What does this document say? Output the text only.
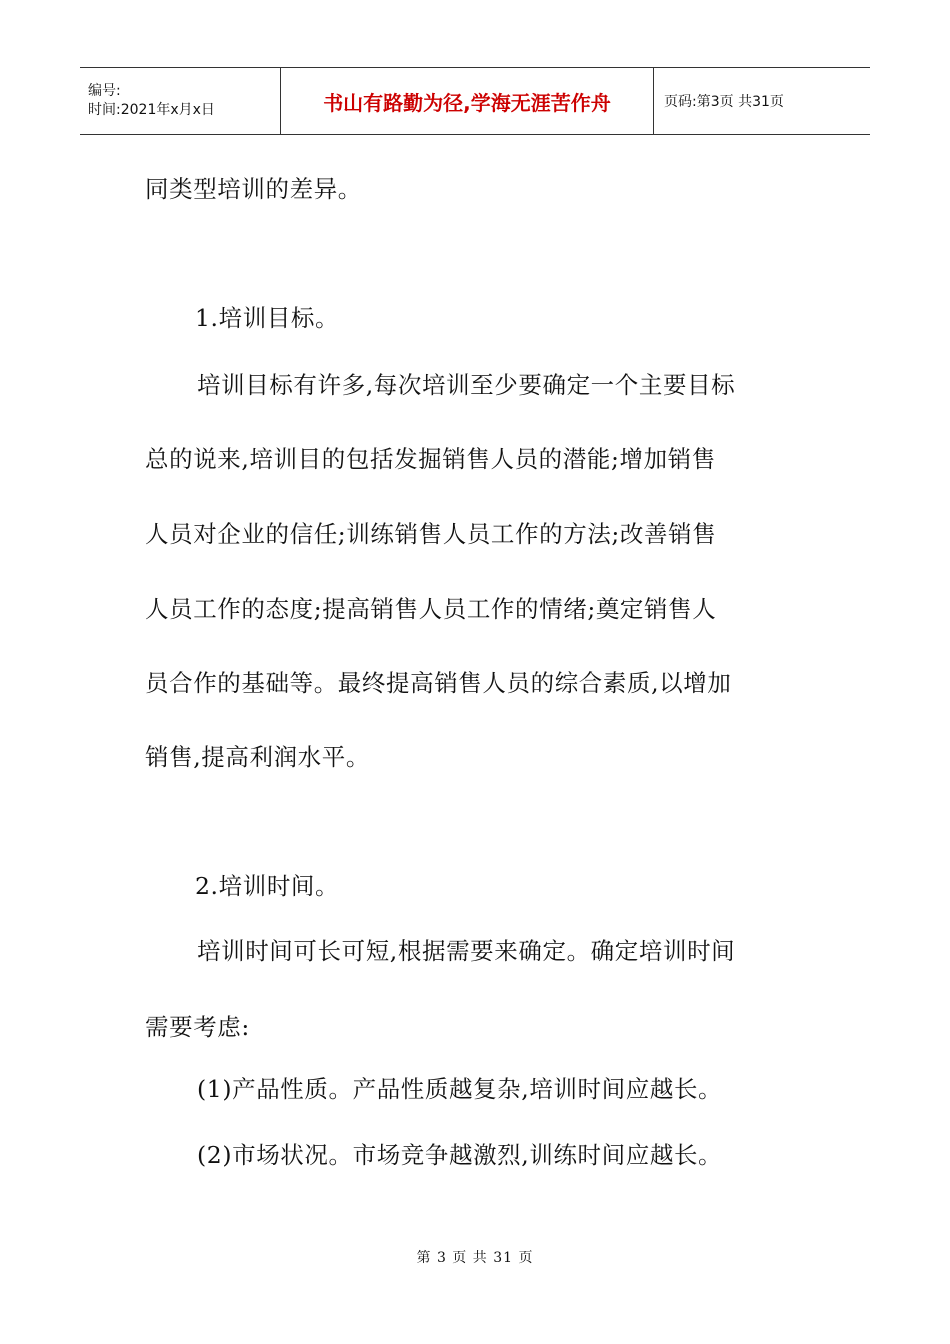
编号:
时间:2021年x月x日	书山有路勤为径,学海无涯苦作舟	页码:第3页 共31页
同类型培训的差异。
1.培训目标。
培训目标有许多,每次培训至少要确定一个主要目标
总的说来,培训目的包括发掘销售人员的潜能;增加销售
人员对企业的信任;训练销售人员工作的方法;改善销售
人员工作的态度;提高销售人员工作的情绪;奠定销售人
员合作的基础等。最终提高销售人员的综合素质,以增加
销售,提高利润水平。
2.培训时间。
培训时间可长可短,根据需要来确定。确定培训时间
需要考虑:
(1)产品性质。产品性质越复杂,培训时间应越长。
(2)市场状况。市场竞争越激烈,训练时间应越长。
第 3 页 共 31 页
